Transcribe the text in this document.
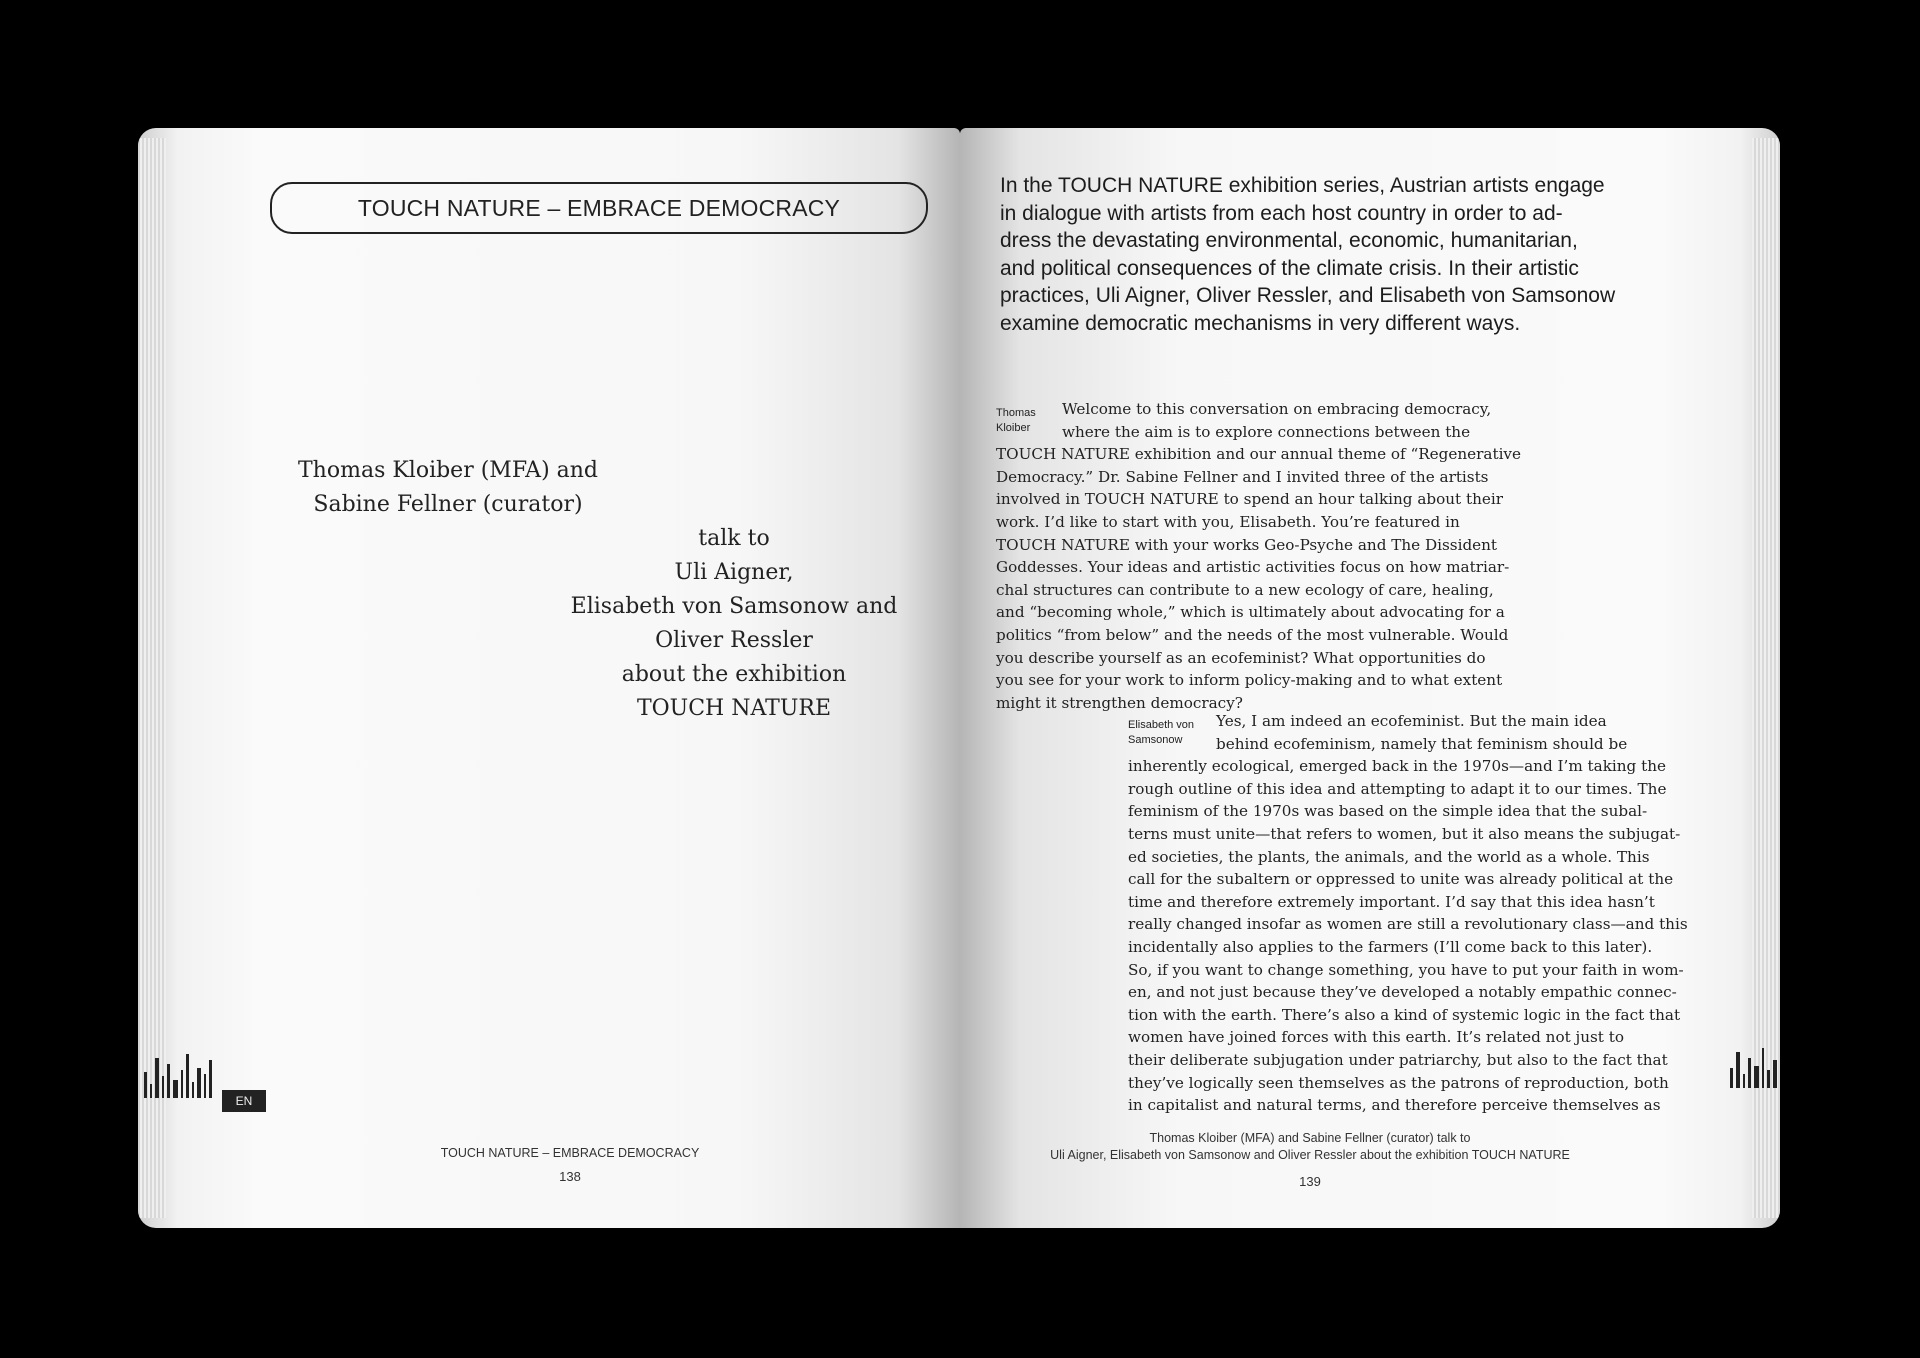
TOUCH NATURE – EMBRACE DEMOCRACY
Thomas Kloiber (MFA) and
Sabine Fellner (curator)
talk to
Uli Aigner,
Elisabeth von Samsonow and
Oliver Ressler
about the exhibition
TOUCH NATURE
EN
TOUCH NATURE – EMBRACE DEMOCRACY
138
In the TOUCH NATURE exhibition series, Austrian artists engage
in dialogue with artists from each host country in order to ad-
dress the devastating environmental, economic, humanitarian,
and political consequences of the climate crisis. In their artistic
practices, Uli Aigner, Oliver Ressler, and Elisabeth von Samsonow
examine democratic mechanisms in very different ways.
Thomas
Kloiber
Welcome to this conversation on embracing democracy,
where the aim is to explore connections between the
TOUCH NATURE exhibition and our annual theme of “Regenerative
Democracy.” Dr. Sabine Fellner and I invited three of the artists
involved in TOUCH NATURE to spend an hour talking about their
work. I’d like to start with you, Elisabeth. You’re featured in
TOUCH NATURE with your works Geo-Psyche and The Dissident
Goddesses. Your ideas and artistic activities focus on how matriar-
chal structures can contribute to a new ecology of care, healing,
and “becoming whole,” which is ultimately about advocating for a
politics “from below” and the needs of the most vulnerable. Would
you describe yourself as an ecofeminist? What opportunities do
you see for your work to inform policy-making and to what extent
might it strengthen democracy?
Elisabeth von
Samsonow
Yes, I am indeed an ecofeminist. But the main idea
behind ecofeminism, namely that feminism should be
inherently ecological, emerged back in the 1970s—and I’m taking the
rough outline of this idea and attempting to adapt it to our times. The
feminism of the 1970s was based on the simple idea that the subal-
terns must unite—that refers to women, but it also means the subjugat-
ed societies, the plants, the animals, and the world as a whole. This
call for the subaltern or oppressed to unite was already political at the
time and therefore extremely important. I’d say that this idea hasn’t
really changed insofar as women are still a revolutionary class—and this
incidentally also applies to the farmers (I’ll come back to this later).
So, if you want to change something, you have to put your faith in wom-
en, and not just because they’ve developed a notably empathic connec-
tion with the earth. There’s also a kind of systemic logic in the fact that
women have joined forces with this earth. It’s related not just to
their deliberate subjugation under patriarchy, but also to the fact that
they’ve logically seen themselves as the patrons of reproduction, both
in capitalist and natural terms, and therefore perceive themselves as
Thomas Kloiber (MFA) and Sabine Fellner (curator) talk to
Uli Aigner, Elisabeth von Samsonow and Oliver Ressler about the exhibition TOUCH NATURE
139
